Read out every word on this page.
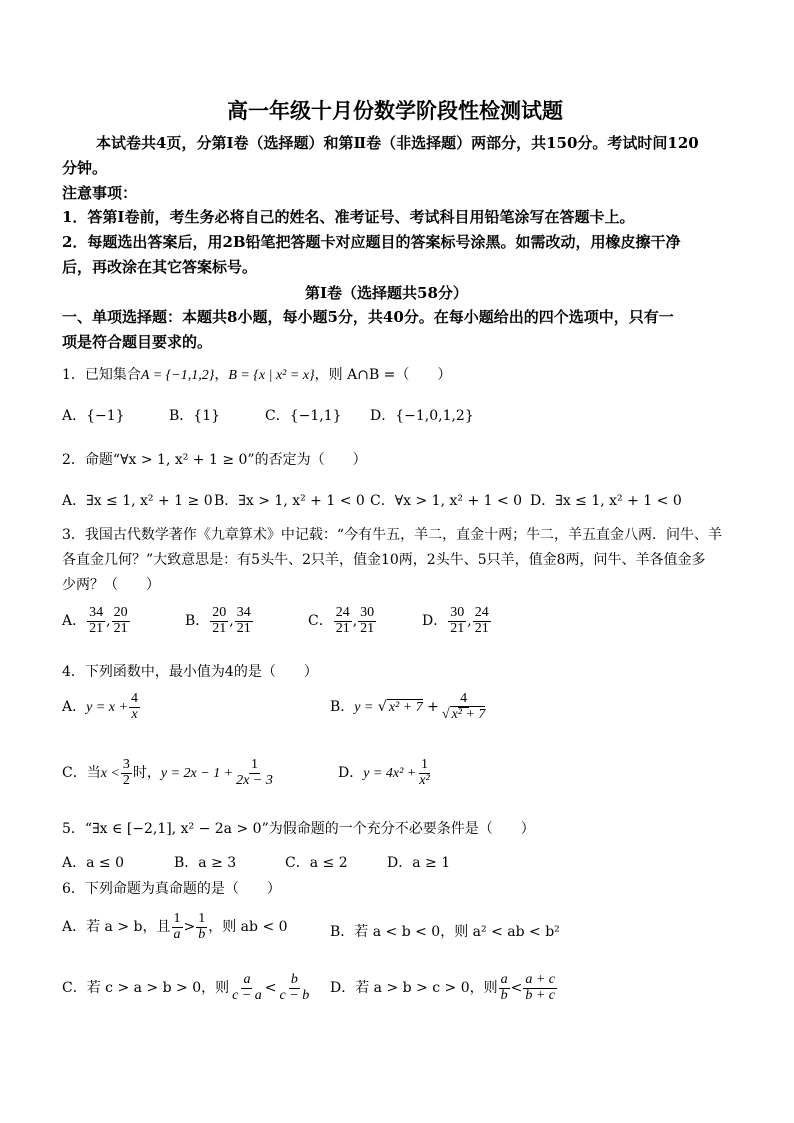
高一年级十月份数学阶段性检测试题
本试卷共4页，分第Ⅰ卷（选择题）和第Ⅱ卷（非选择题）两部分，共150分。考试时间120
分钟。
注意事项：
1．答第Ⅰ卷前，考生务必将自己的姓名、准考证号、考试科目用铅笔涂写在答题卡上。
2．每题选出答案后，用2B铅笔把答题卡对应题目的答案标号涂黑。如需改动，用橡皮擦干净
后，再改涂在其它答案标号。
第Ⅰ卷（选择题共58分）
一、单项选择题：本题共8小题，每小题5分，共40分。在每小题给出的四个选项中，只有一
项是符合题目要求的。
1．已知集合A = {−1,1,2}，B = {x | x² = x}，则 A∩B =（　　）
A．{−1}	B．{1}	C．{−1,1} D．{−1,0,1,2}
2．命题“∀x > 1, x² + 1 ≥ 0”的否定为（　　）
A．∃x ≤ 1, x² + 1 ≥ 0 B．∃x > 1, x² + 1 < 0 C．∀x > 1, x² + 1 < 0 D．∃x ≤ 1, x² + 1 < 0
3．我国古代数学著作《九章算术》中记载：“今有牛五，羊二，直金十两；牛二，羊五直金八两．问牛、羊
各直金几何？”大致意思是：有5头牛、2只羊，值金10两，2头牛、5只羊，值金8两，问牛、羊各值金多
少两？（　　）
A． $\frac{34}{21}$ , $\frac{20}{21}$	B． $\frac{20}{21}$ , $\frac{34}{21}$	C． $\frac{24}{21}$ , $\frac{30}{21}$	D． $\frac{30}{21}$ , $\frac{24}{21}$
4．下列函数中，最小值为4的是（　　）
A．$y = x + \frac{4}{x}$	B．y = √ $x^2 + 7 + \frac{4}{\text{√ x² + 7}}$
C．当$x < \frac{3}{2}$ 时，$y = 2x - 1 + \frac{1}{2x - 3}$	D．$y = 4x^2 + \frac{1}{\text{x²}}$
5．“∃x ∈ [−2,1], x² − 2a > 0”为假命题的一个充分不必要条件是（　　）
A．a ≤ 0	B．a ≥ 3	C．a ≤ 2	D．a ≥ 1
6．下列命题为真命题的是（　　）
A．若 a > b，且 $\frac{1}{a} > \frac{1}{b}$ ，则 ab < 0	B．若 a < b < 0，则 a² < ab < b²
C．若 c > a > b > 0，则 $\frac{a}{c - a} < \frac{b}{c - b}$ D．若 a > b > c > 0，则 $\frac{a}{b} < \frac{a + c}{b + c}$
